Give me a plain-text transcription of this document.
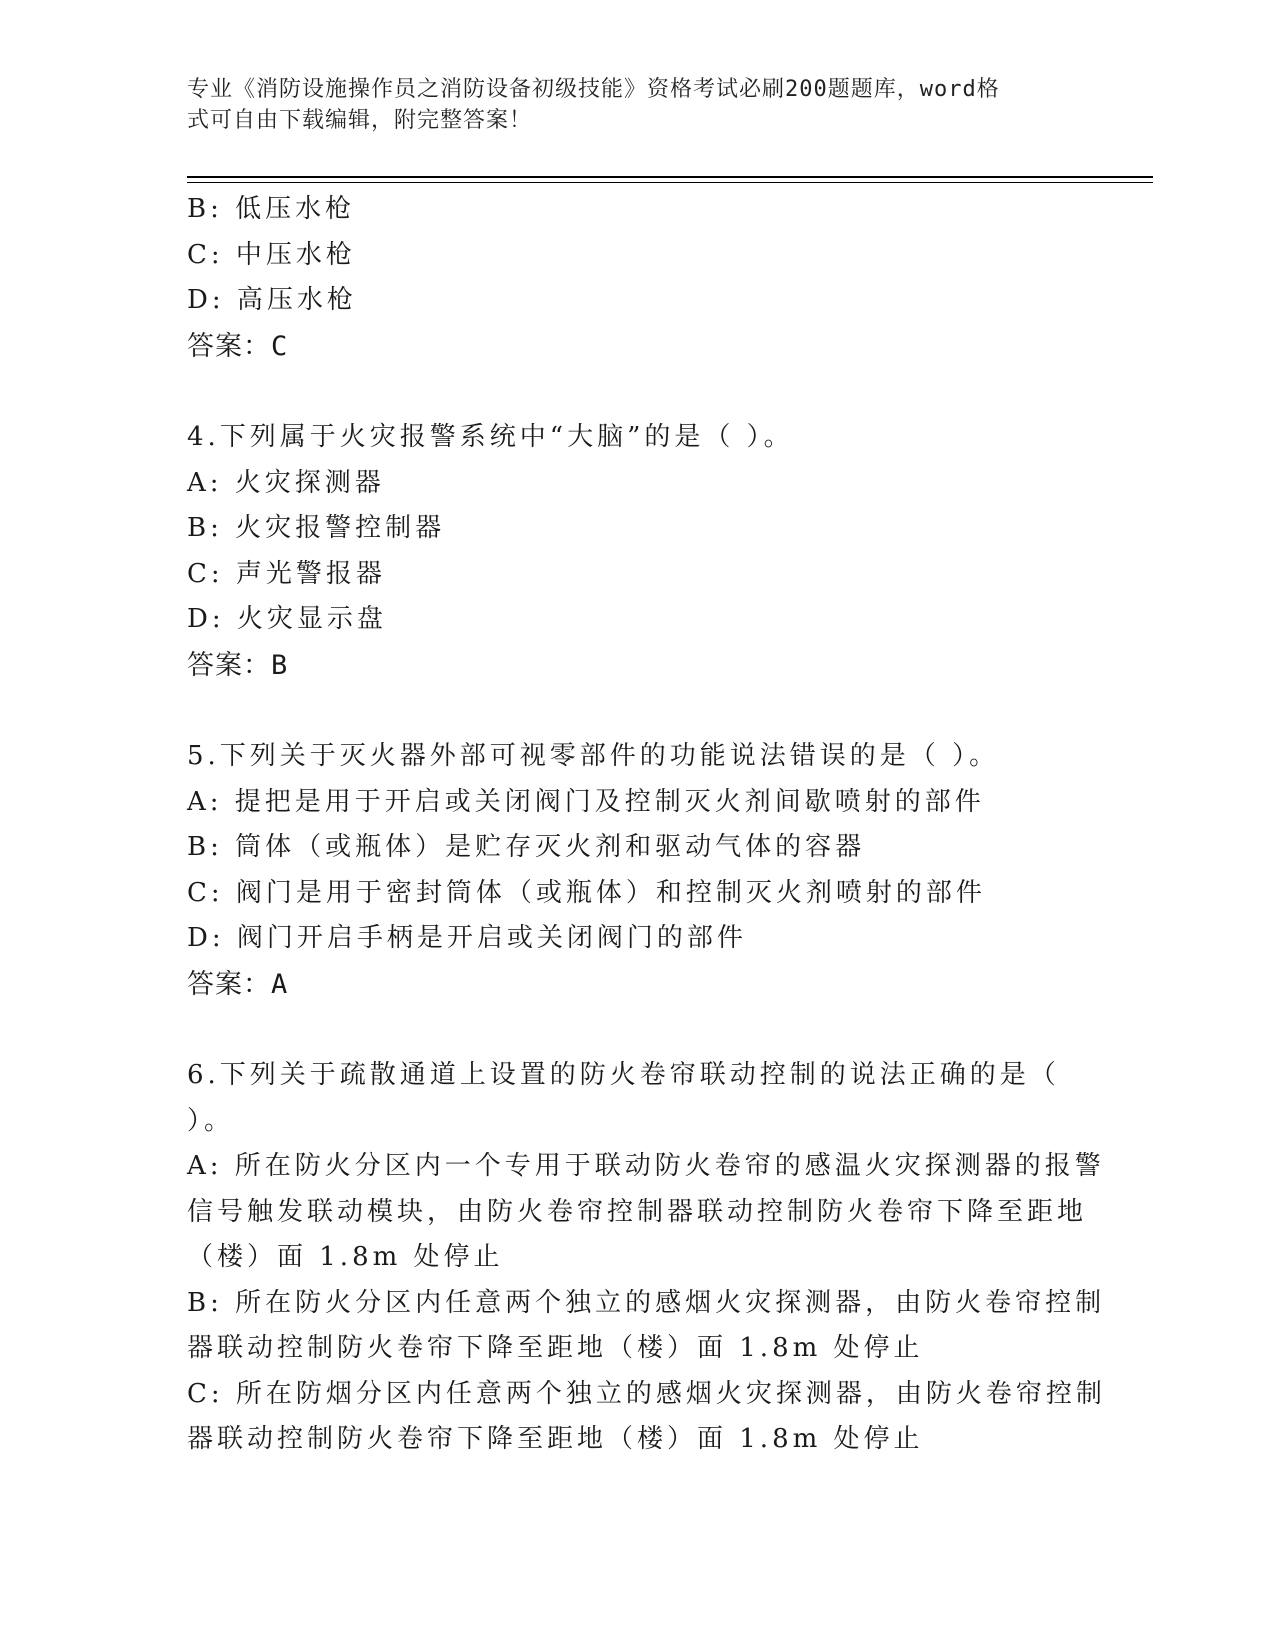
专业《消防设施操作员之消防设备初级技能》资格考试必刷200题题库，word格
式可自由下载编辑，附完整答案！

B: 低压水枪

C: 中压水枪

D: 高压水枪

答案：C

4.下列属于火灾报警系统中“大脑”的是（ ）。

A: 火灾探测器

B: 火灾报警控制器

C: 声光警报器

D: 火灾显示盘

答案：B

5.下列关于灭火器外部可视零部件的功能说法错误的是（ ）。

A: 提把是用于开启或关闭阀门及控制灭火剂间歇喷射的部件

B: 筒体（或瓶体）是贮存灭火剂和驱动气体的容器

C: 阀门是用于密封筒体（或瓶体）和控制灭火剂喷射的部件

D: 阀门开启手柄是开启或关闭阀门的部件

答案：A

6.下列关于疏散通道上设置的防火卷帘联动控制的说法正确的是（

）。

A: 所在防火分区内一个专用于联动防火卷帘的感温火灾探测器的报警

信号触发联动模块，由防火卷帘控制器联动控制防火卷帘下降至距地

（楼）面 1.8m 处停止

B: 所在防火分区内任意两个独立的感烟火灾探测器，由防火卷帘控制

器联动控制防火卷帘下降至距地（楼）面 1.8m 处停止

C: 所在防烟分区内任意两个独立的感烟火灾探测器，由防火卷帘控制

器联动控制防火卷帘下降至距地（楼）面 1.8m 处停止
